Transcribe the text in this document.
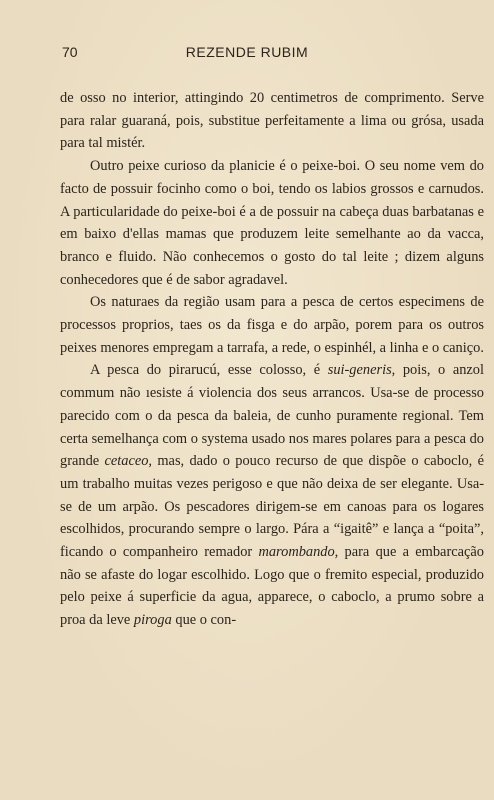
70	REZENDE RUBIM

de osso no interior, attingindo 20 centimetros de comprimento. Serve para ralar guaraná, pois, substitue perfeitamente a lima ou grósa, usada para tal mistér.

Outro peixe curioso da planicie é o peixe-boi. O seu nome vem do facto de possuir focinho como o boi, tendo os labios grossos e carnudos. A particularidade do peixe-boi é a de possuir na cabeça duas barbatanas e em baixo d'ellas mamas que produzem leite semelhante ao da vacca, branco e fluido. Não conhecemos o gosto do tal leite ; dizem alguns conhecedores que é de sabor agradavel.

Os naturaes da região usam para a pesca de certos especimens de processos proprios, taes os da fisga e do arpão, porem para os outros peixes menores empregam a tarrafa, a rede, o espinhél, a linha e o caniço.

A pesca do pirarucú, esse colosso, é sui-generis, pois, o anzol commum não ıesiste á violencia dos seus arrancos. Usa-se de processo parecido com o da pesca da baleia, de cunho puramente regional. Tem certa semelhança com o systema usado nos mares polares para a pesca do grande cetaceo, mas, dado o pouco recurso de que dispõe o caboclo, é um trabalho muitas vezes perigoso e que não deixa de ser elegante. Usa-se de um arpão. Os pescadores dirigem-se em canoas para os logares escolhidos, procurando sempre o largo. Pára a “igaitê” e lança a “poita”, ficando o companheiro remador marombando, para que a embarcação não se afaste do logar escolhido. Logo que o fremito especial, produzido pelo peixe á superficie da agua, apparece, o caboclo, a prumo sobre a proa da leve piroga que o con-
